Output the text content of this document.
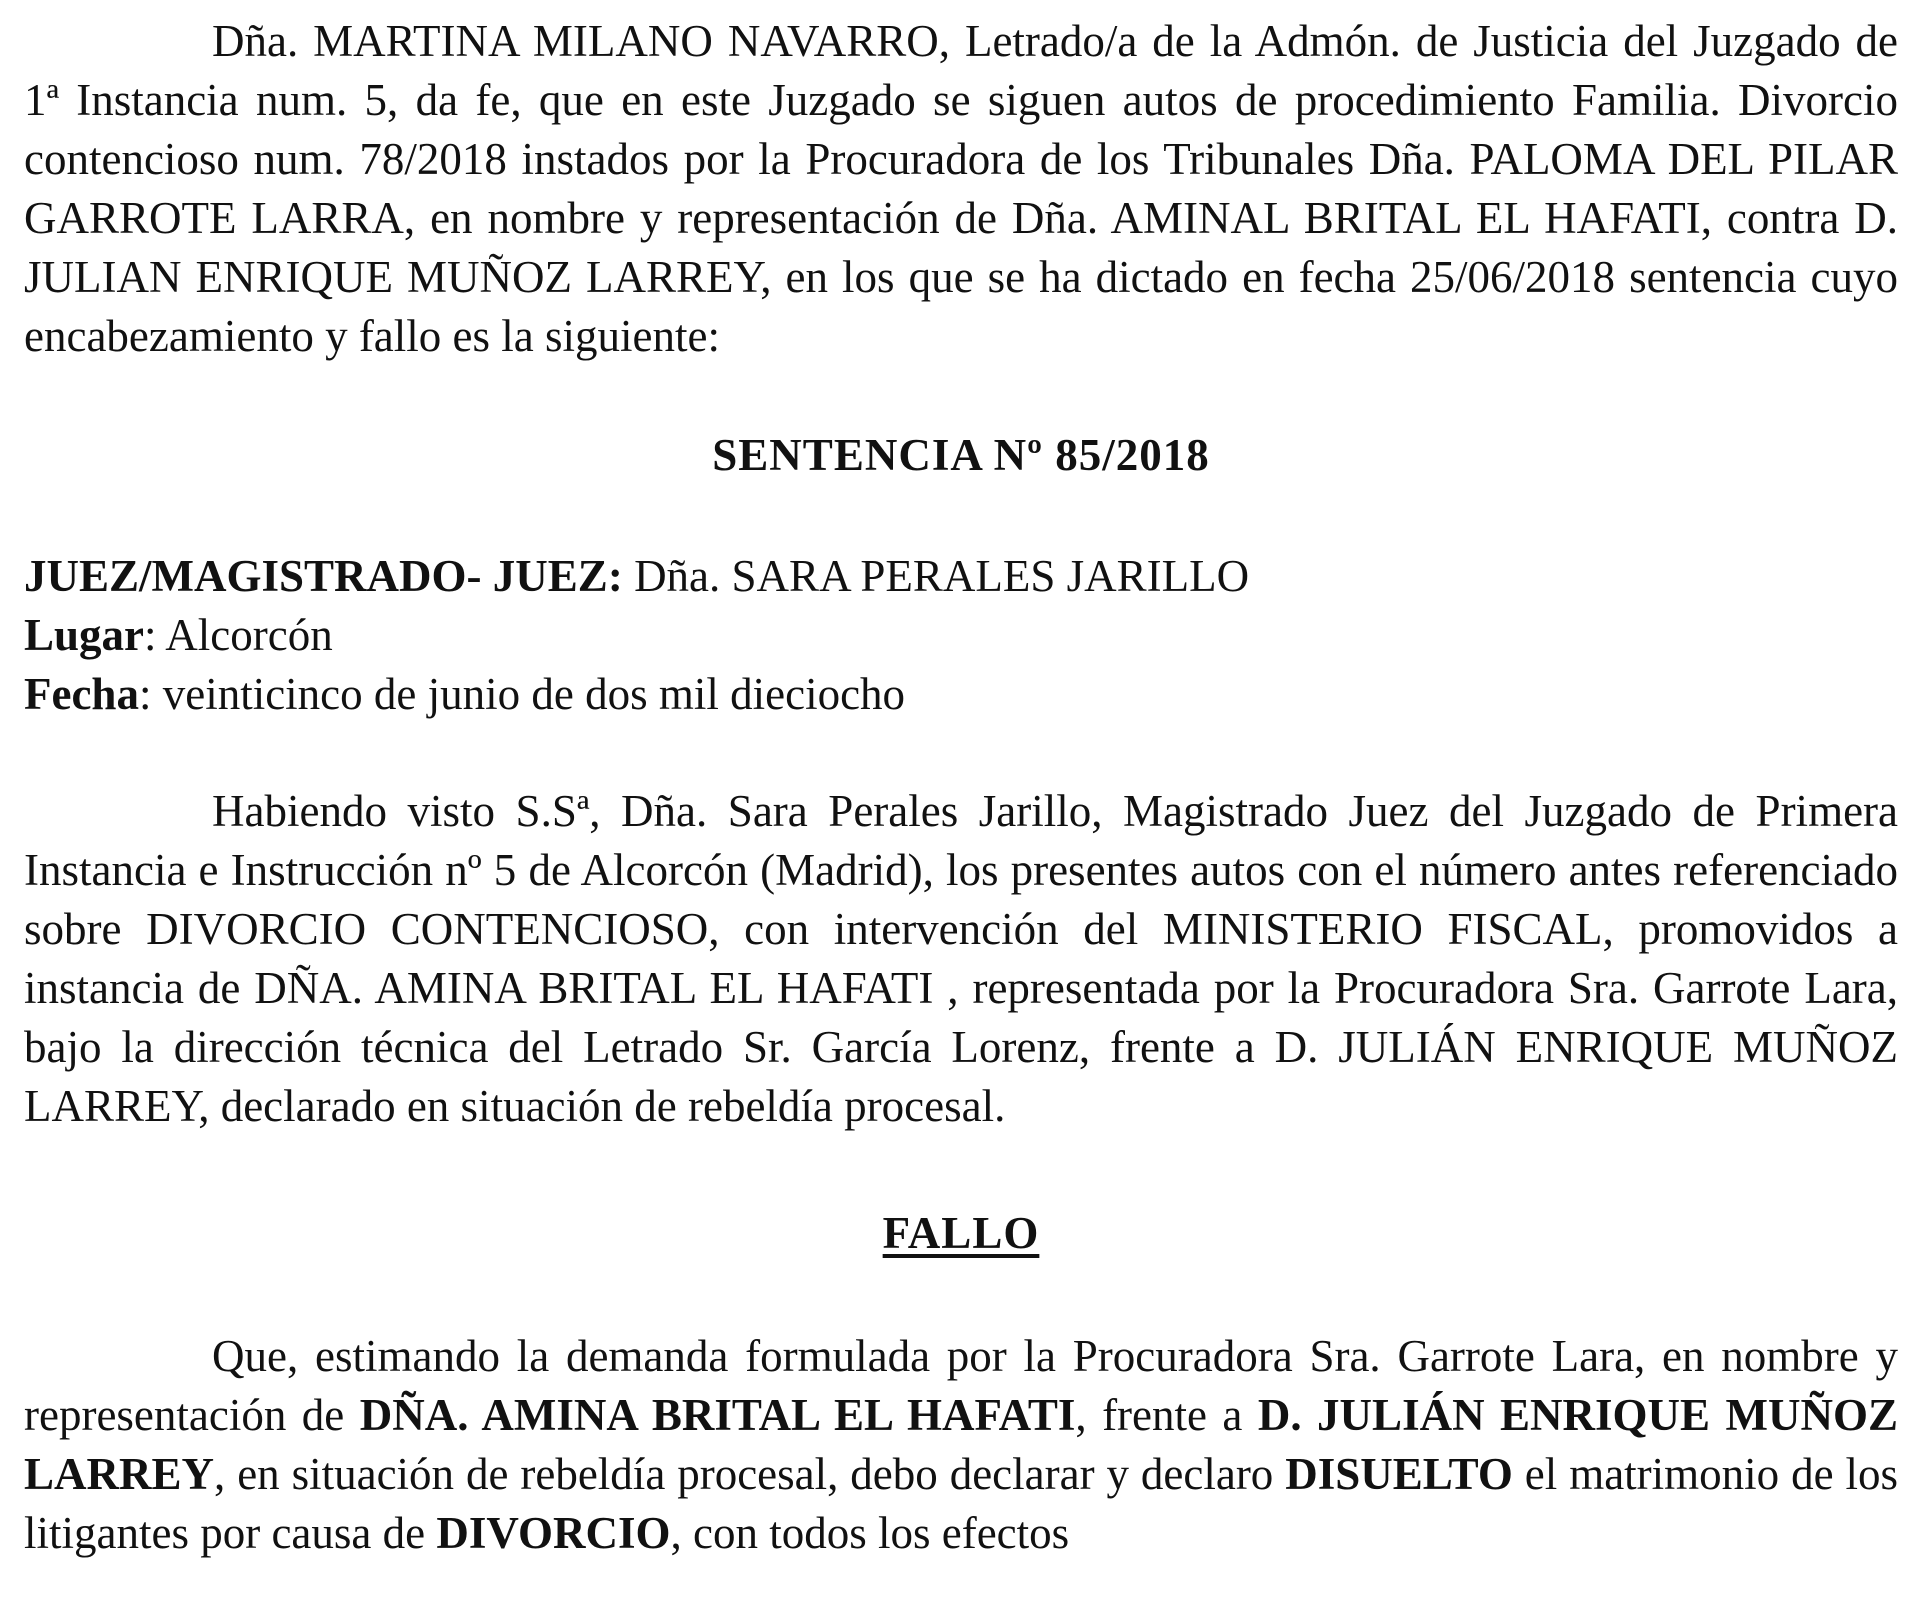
Dña. MARTINA MILANO NAVARRO, Letrado/a de la Admón. de Justicia del Juzgado de 1ª Instancia num. 5, da fe, que en este Juzgado se siguen autos de procedimiento Familia. Divorcio contencioso num. 78/2018 instados por la Procuradora de los Tribunales Dña. PALOMA DEL PILAR GARROTE LARRA, en nombre y representación de Dña. AMINAL BRITAL EL HAFATI, contra D. JULIAN ENRIQUE MUÑOZ LARREY, en los que se ha dictado en fecha 25/06/2018 sentencia cuyo encabezamiento y fallo es la siguiente:

SENTENCIA Nº 85/2018

JUEZ/MAGISTRADO- JUEZ: Dña. SARA PERALES JARILLO

Lugar: Alcorcón

Fecha: veinticinco de junio de dos mil dieciocho

Habiendo visto S.Sª, Dña. Sara Perales Jarillo, Magistrado Juez del Juzgado de Primera Instancia e Instrucción nº 5 de Alcorcón (Madrid), los presentes autos con el número antes referenciado sobre DIVORCIO CONTENCIOSO, con intervención del MINISTERIO FISCAL, promovidos a instancia de DÑA. AMINA BRITAL EL HAFATI , representada por la Procuradora Sra. Garrote Lara, bajo la dirección técnica del Letrado Sr. García Lorenz, frente a D. JULIÁN ENRIQUE MUÑOZ LARREY, declarado en situación de rebeldía procesal.

FALLO

Que, estimando la demanda formulada por la Procuradora Sra. Garrote Lara, en nombre y representación de DÑA. AMINA BRITAL EL HAFATI, frente a D. JULIÁN ENRIQUE MUÑOZ LARREY, en situación de rebeldía procesal, debo declarar y declaro DISUELTO el matrimonio de los litigantes por causa de DIVORCIO, con todos los efectos
